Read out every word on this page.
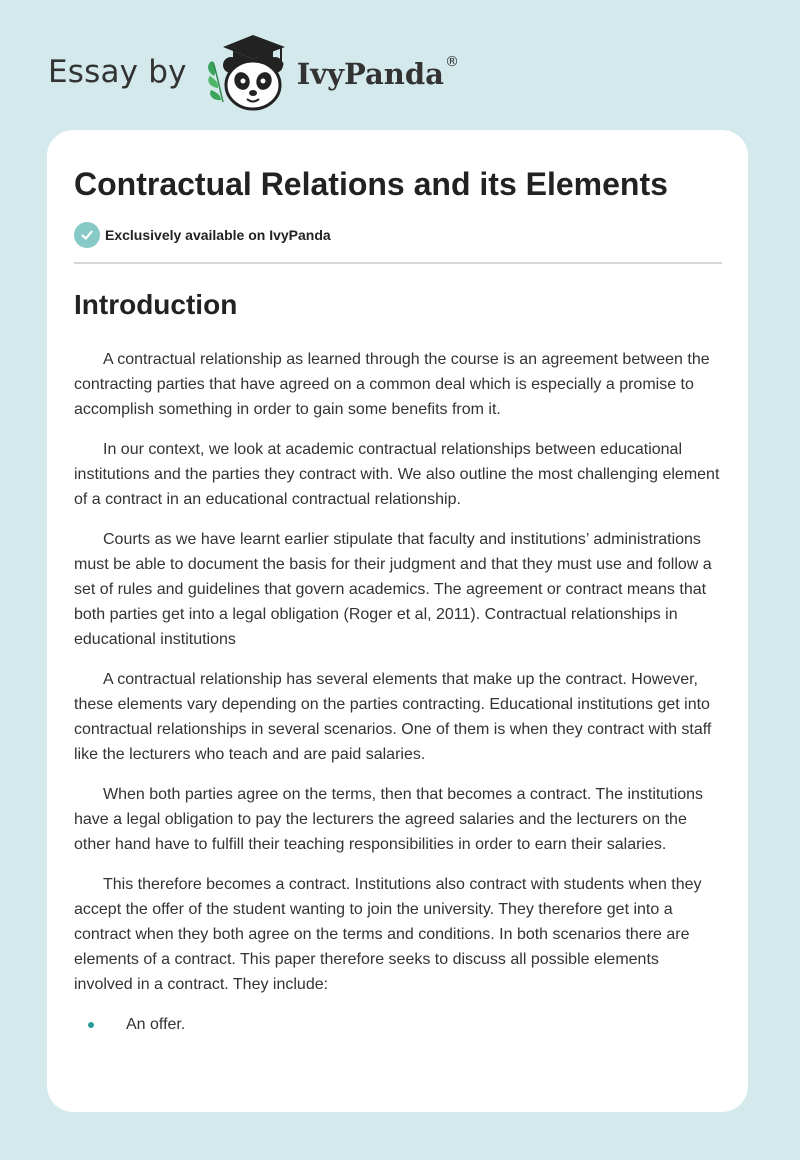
Essay by	IvyPanda ®
Contractual Relations and its Elements
Exclusively available on IvyPanda
Introduction

A contractual relationship as learned through the course is an agreement between the contracting parties that have agreed on a common deal which is especially a promise to accomplish something in order to gain some benefits from it.

In our context, we look at academic contractual relationships between educational institutions and the parties they contract with. We also outline the most challenging element of a contract in an educational contractual relationship.

Courts as we have learnt earlier stipulate that faculty and institutions’ administrations must be able to document the basis for their judgment and that they must use and follow a set of rules and guidelines that govern academics. The agreement or contract means that both parties get into a legal obligation (Roger et al, 2011). Contractual relationships in educational institutions

A contractual relationship has several elements that make up the contract. However, these elements vary depending on the parties contracting. Educational institutions get into contractual relationships in several scenarios. One of them is when they contract with staff like the lecturers who teach and are paid salaries.

When both parties agree on the terms, then that becomes a contract. The institutions have a legal obligation to pay the lecturers the agreed salaries and the lecturers on the other hand have to fulfill their teaching responsibilities in order to earn their salaries.

This therefore becomes a contract. Institutions also contract with students when they accept the offer of the student wanting to join the university. They therefore get into a contract when they both agree on the terms and conditions. In both scenarios there are elements of a contract. This paper therefore seeks to discuss all possible elements involved in a contract. They include:

An offer.
